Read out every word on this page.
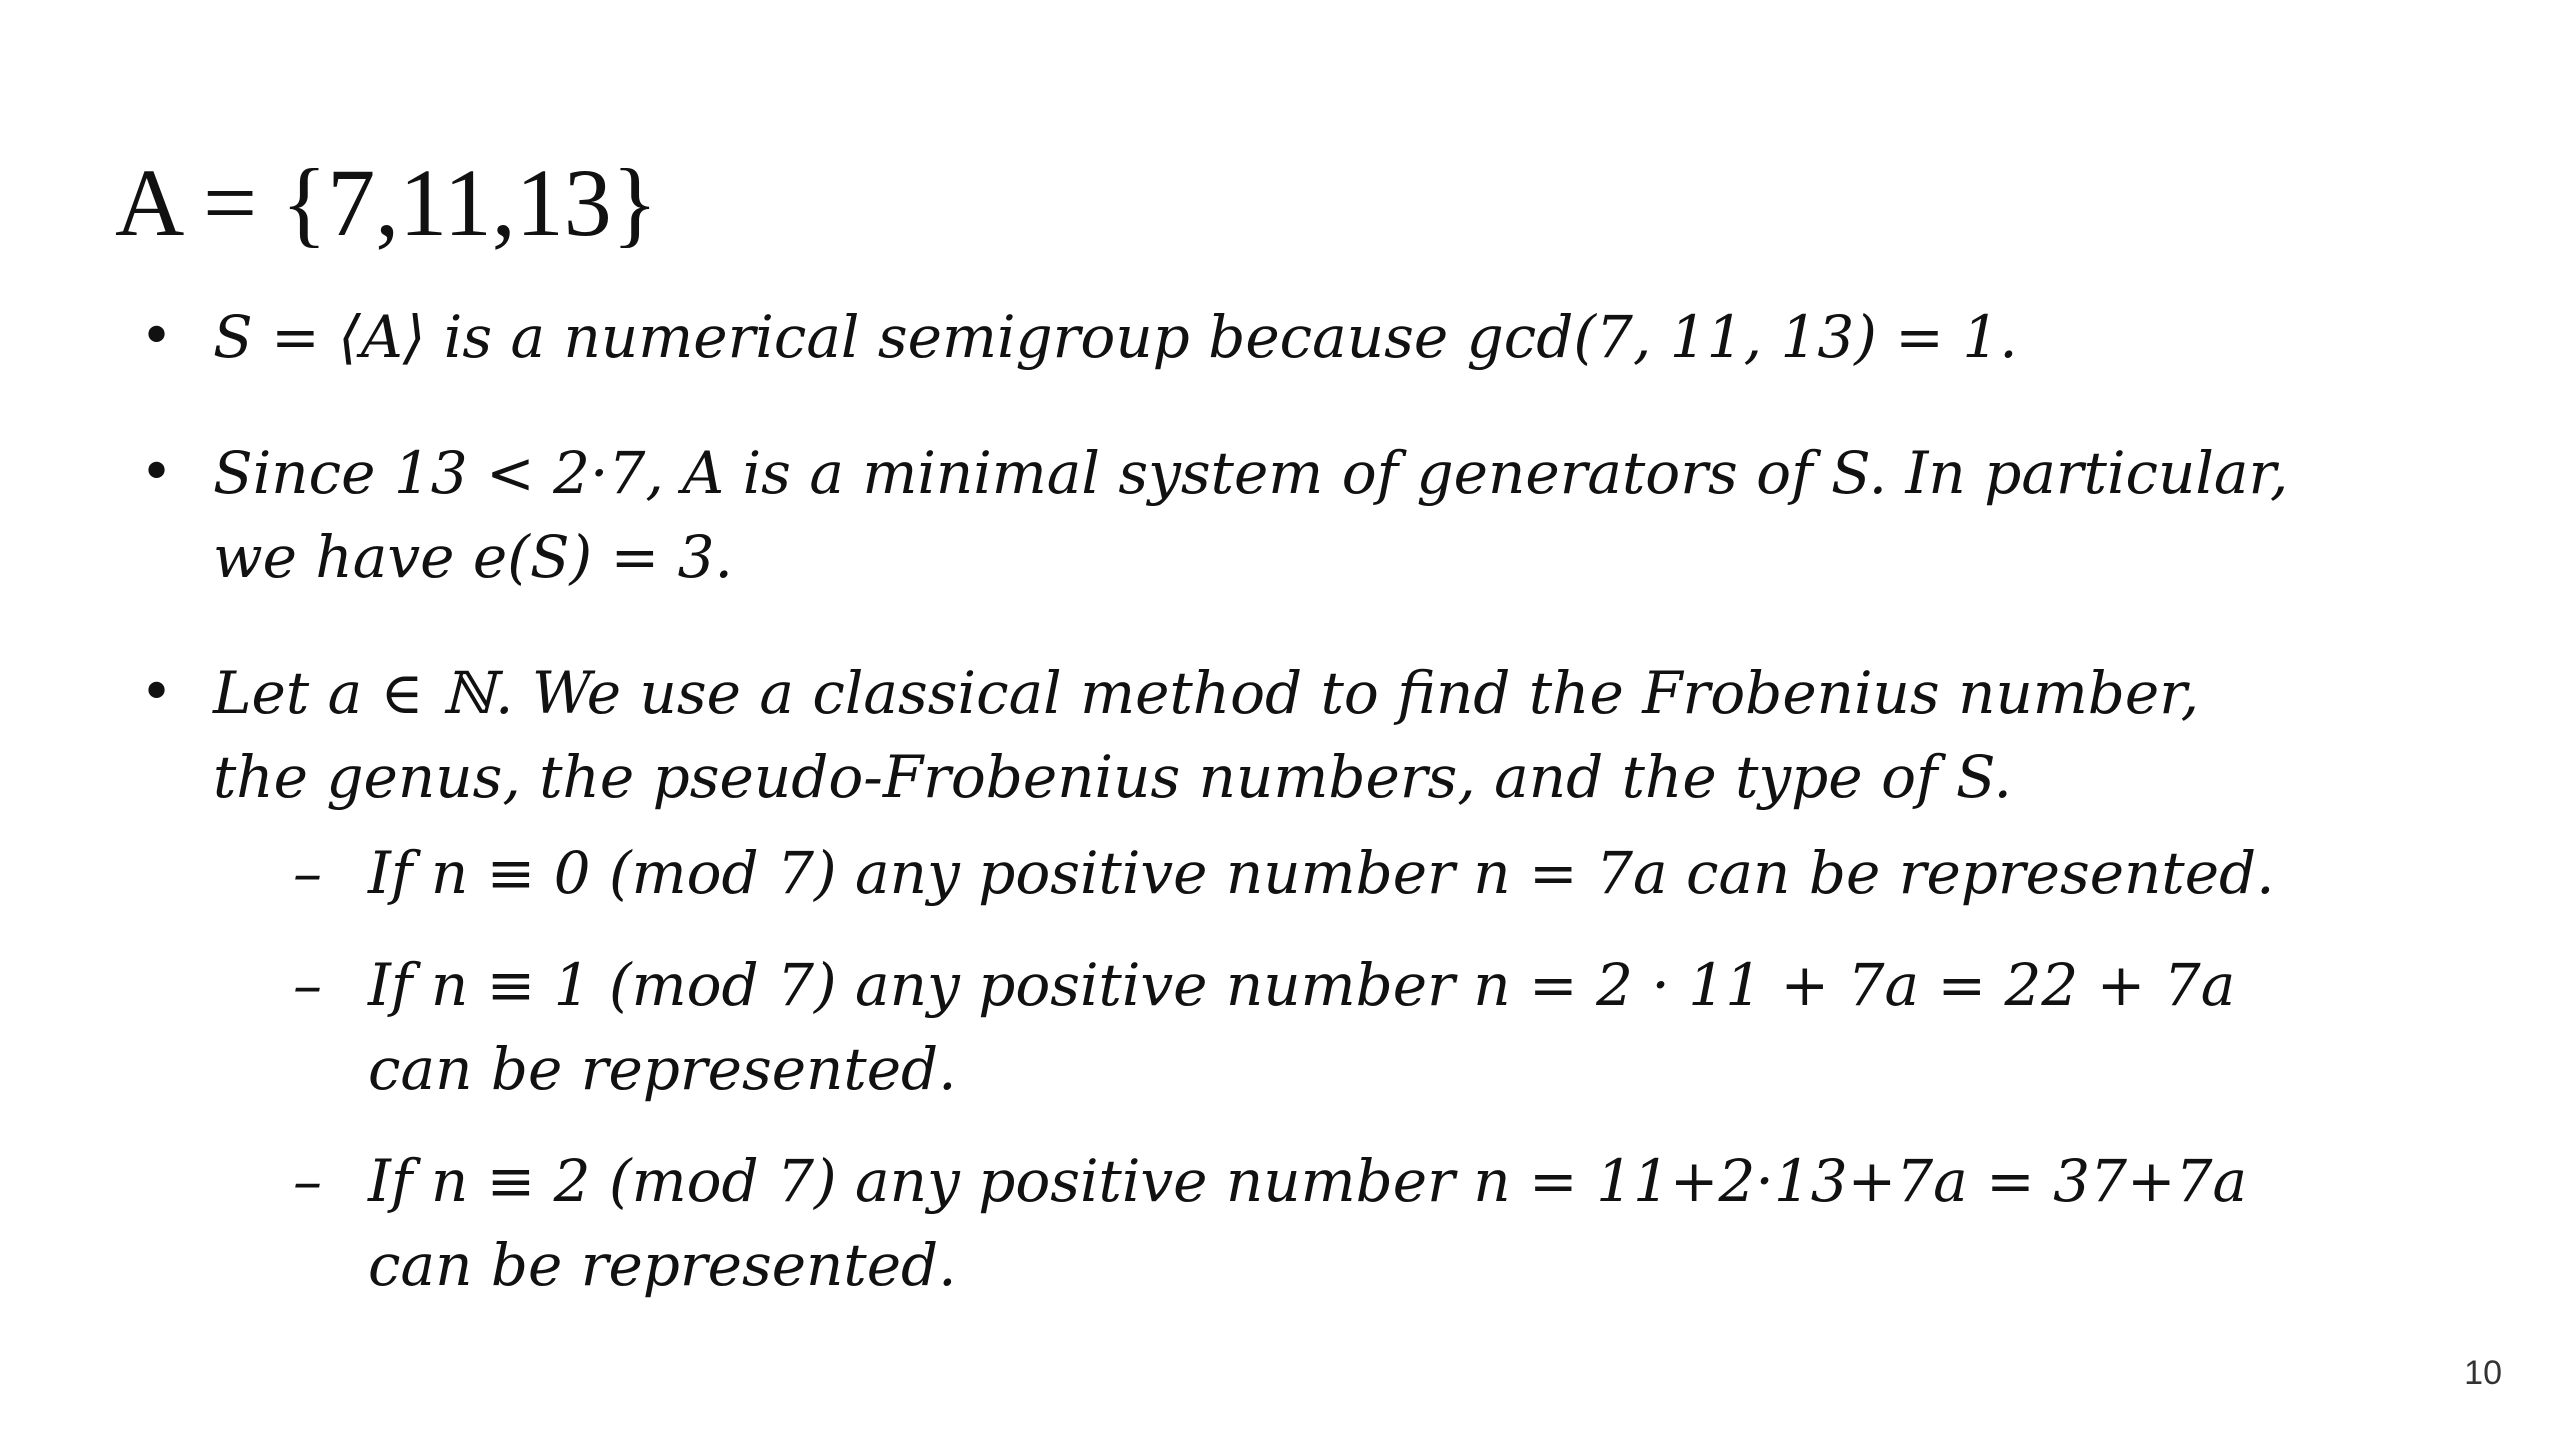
A = {7,11,13}
• S = ⟨A⟩ is a numerical semigroup because gcd(7, 11, 13) = 1.
• Since 13 < 2·7, A is a minimal system of generators of S. In particular, we have e(S) = 3.
• Let a ∈ ℕ. We use a classical method to find the Frobenius number, the genus, the pseudo-Frobenius numbers, and the type of S.
– If n ≡ 0 (mod 7) any positive number n = 7a can be represented.
– If n ≡ 1 (mod 7) any positive number n = 2 · 11 + 7a = 22 + 7a can be represented.
– If n ≡ 2 (mod 7) any positive number n = 11+2·13+7a = 37+7a can be represented.
10
